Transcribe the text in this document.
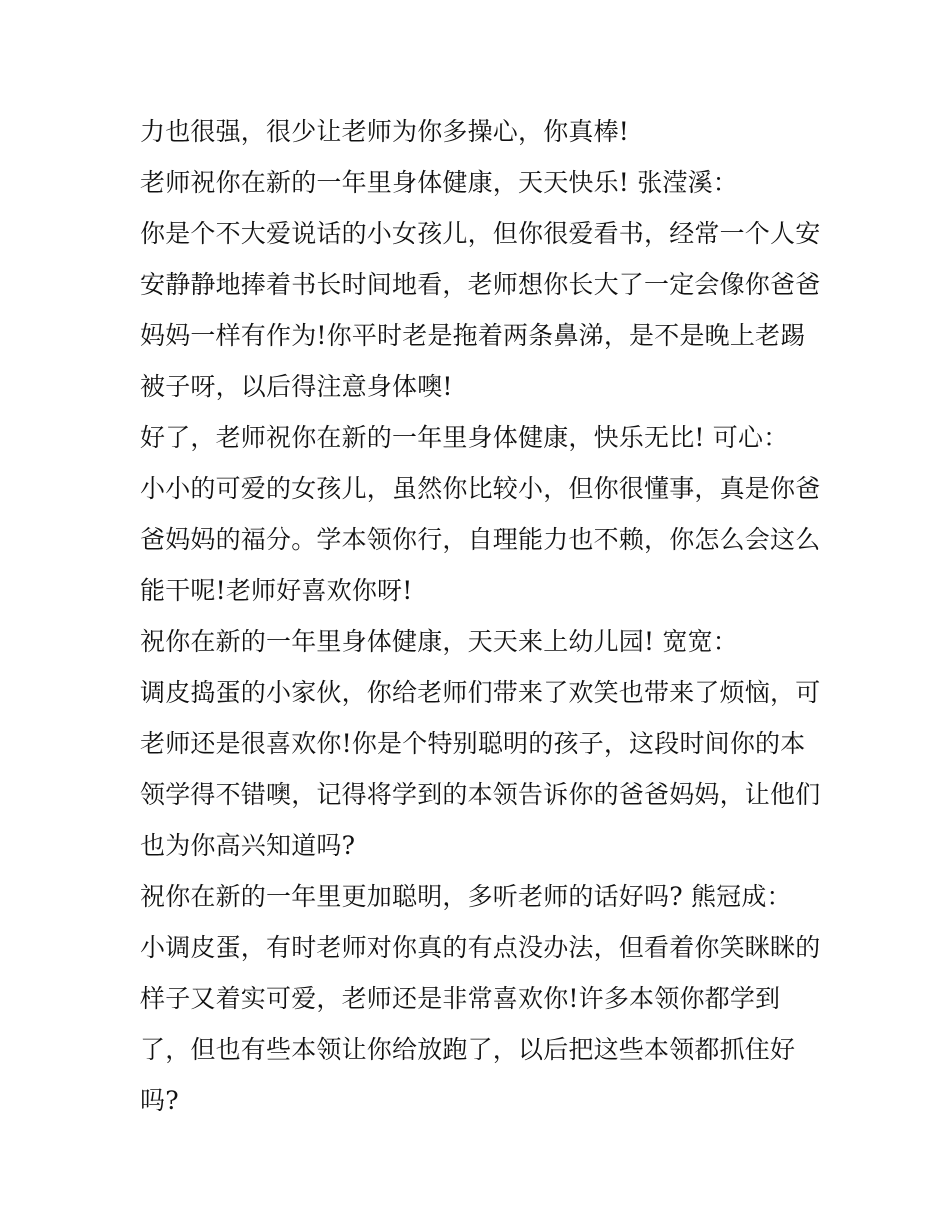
力也很强，很少让老师为你多操心，你真棒!
老师祝你在新的一年里身体健康，天天快乐! 张滢溪：
你是个不大爱说话的小女孩儿，但你很爱看书，经常一个人安
安静静地捧着书长时间地看，老师想你长大了一定会像你爸爸
妈妈一样有作为!你平时老是拖着两条鼻涕，是不是晚上老踢
被子呀，以后得注意身体噢!
好了，老师祝你在新的一年里身体健康，快乐无比! 可心：
小小的可爱的女孩儿，虽然你比较小，但你很懂事，真是你爸
爸妈妈的福分。学本领你行，自理能力也不赖，你怎么会这么
能干呢!老师好喜欢你呀!
祝你在新的一年里身体健康，天天来上幼儿园! 宽宽：
调皮捣蛋的小家伙，你给老师们带来了欢笑也带来了烦恼，可
老师还是很喜欢你!你是个特别聪明的孩子，这段时间你的本
领学得不错噢，记得将学到的本领告诉你的爸爸妈妈，让他们
也为你高兴知道吗?
祝你在新的一年里更加聪明，多听老师的话好吗? 熊冠成：
小调皮蛋，有时老师对你真的有点没办法，但看着你笑眯眯的
样子又着实可爱，老师还是非常喜欢你!许多本领你都学到
了，但也有些本领让你给放跑了，以后把这些本领都抓住好
吗?
